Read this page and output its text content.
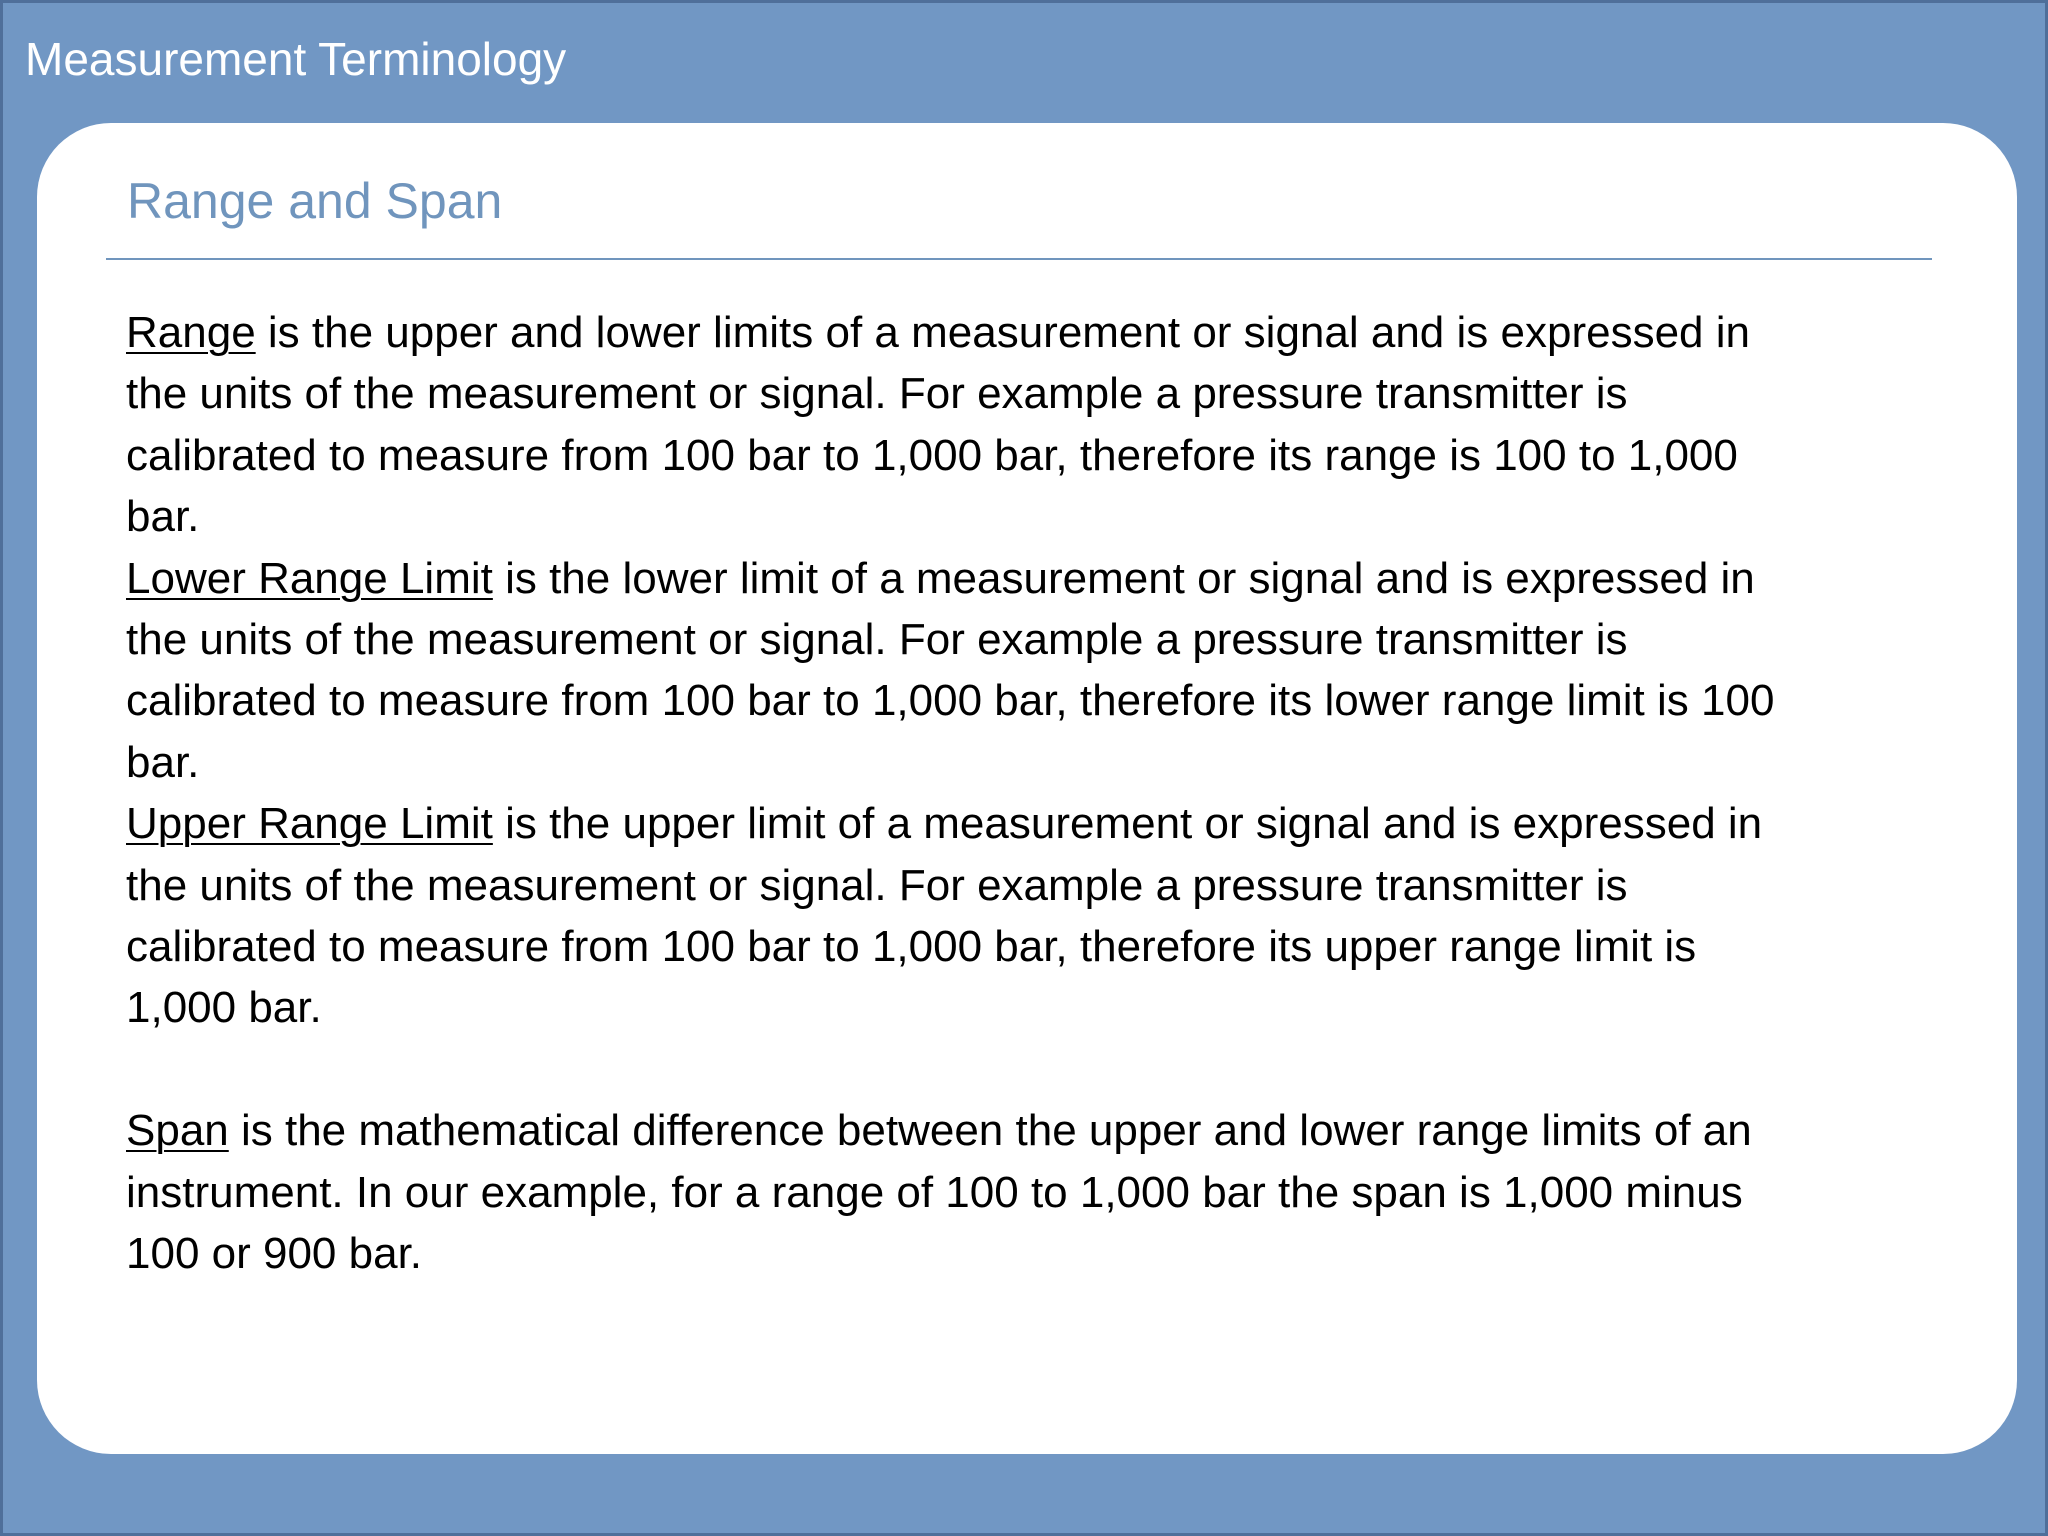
Measurement Terminology
Range and Span

Range is the upper and lower limits of a measurement or signal and is expressed in
the units of the measurement or signal. For example a pressure transmitter is
calibrated to measure from 100 bar to 1,000 bar, therefore its range is 100 to 1,000
bar.

Lower Range Limit is the lower limit of a measurement or signal and is expressed in
the units of the measurement or signal. For example a pressure transmitter is
calibrated to measure from 100 bar to 1,000 bar, therefore its lower range limit is 100
bar.

Upper Range Limit is the upper limit of a measurement or signal and is expressed in
the units of the measurement or signal. For example a pressure transmitter is
calibrated to measure from 100 bar to 1,000 bar, therefore its upper range limit is
1,000 bar.

Span is the mathematical difference between the upper and lower range limits of an
instrument. In our example, for a range of 100 to 1,000 bar the span is 1,000 minus
100 or 900 bar.
